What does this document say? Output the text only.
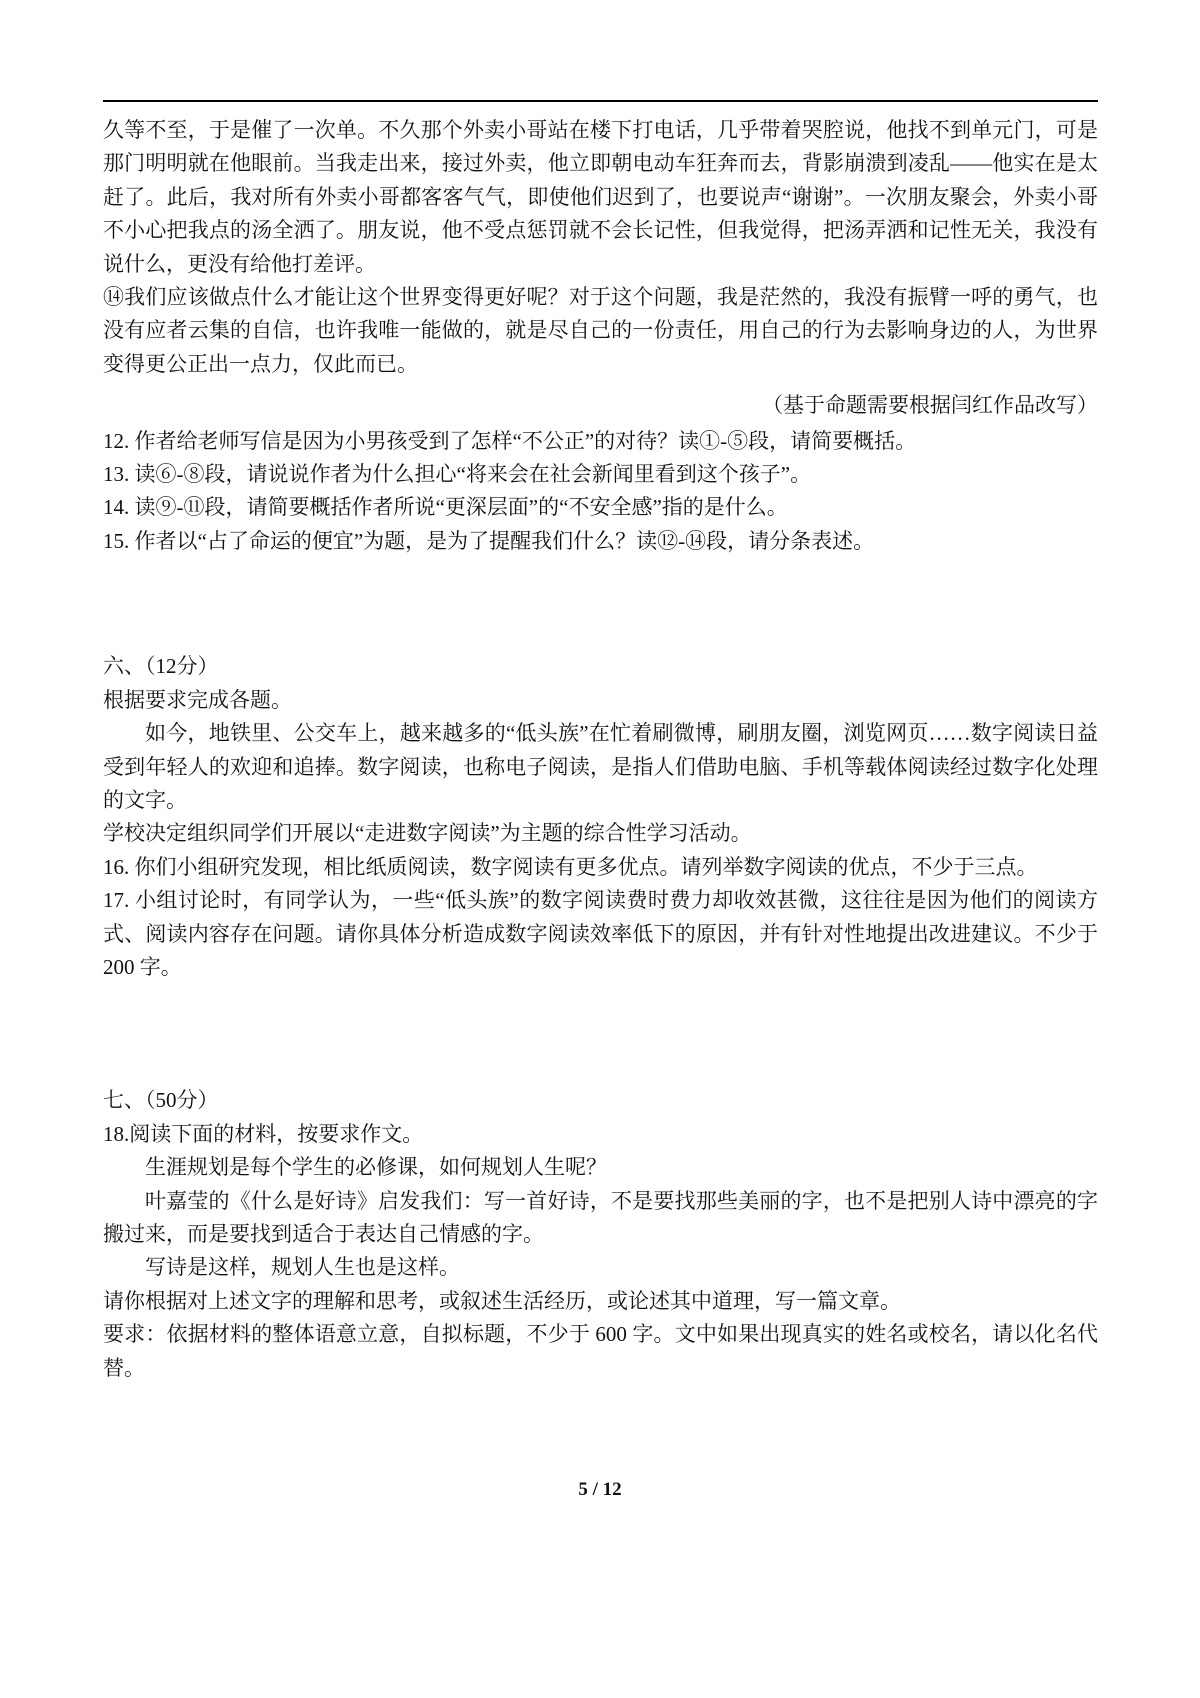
久等不至，于是催了一次单。不久那个外卖小哥站在楼下打电话，几乎带着哭腔说，他找不到单元门，可是那门明明就在他眼前。当我走出来，接过外卖，他立即朝电动车狂奔而去，背影崩溃到凌乱——他实在是太赶了。此后，我对所有外卖小哥都客客气气，即使他们迟到了，也要说声“谢谢”。一次朋友聚会，外卖小哥不小心把我点的汤全洒了。朋友说，他不受点惩罚就不会长记性，但我觉得，把汤弄洒和记性无关，我没有说什么，更没有给他打差评。

⑭我们应该做点什么才能让这个世界变得更好呢？对于这个问题，我是茫然的，我没有振臂一呼的勇气，也没有应者云集的自信，也许我唯一能做的，就是尽自己的一份责任，用自己的行为去影响身边的人，为世界变得更公正出一点力，仅此而已。

（基于命题需要根据闫红作品改写）

12. 作者给老师写信是因为小男孩受到了怎样“不公正”的对待？读①-⑤段，请简要概括。

13. 读⑥-⑧段，请说说作者为什么担心“将来会在社会新闻里看到这个孩子”。

14. 读⑨-⑪段，请简要概括作者所说“更深层面”的“不安全感”指的是什么。

15. 作者以“占了命运的便宜”为题，是为了提醒我们什么？读⑫-⑭段，请分条表述。

六、（12分）

根据要求完成各题。

如今，地铁里、公交车上，越来越多的“低头族”在忙着刷微博，刷朋友圈，浏览网页……数字阅读日益受到年轻人的欢迎和追捧。数字阅读，也称电子阅读，是指人们借助电脑、手机等载体阅读经过数字化处理的文字。

学校决定组织同学们开展以“走进数字阅读”为主题的综合性学习活动。

16. 你们小组研究发现，相比纸质阅读，数字阅读有更多优点。请列举数字阅读的优点，不少于三点。

17. 小组讨论时，有同学认为，一些“低头族”的数字阅读费时费力却收效甚微，这往往是因为他们的阅读方式、阅读内容存在问题。请你具体分析造成数字阅读效率低下的原因，并有针对性地提出改进建议。不少于 200 字。

七、（50分）

18.阅读下面的材料，按要求作文。

生涯规划是每个学生的必修课，如何规划人生呢？

叶嘉莹的《什么是好诗》启发我们：写一首好诗，不是要找那些美丽的字，也不是把别人诗中漂亮的字搬过来，而是要找到适合于表达自己情感的字。

写诗是这样，规划人生也是这样。

请你根据对上述文字的理解和思考，或叙述生活经历，或论述其中道理，写一篇文章。

要求：依据材料的整体语意立意，自拟标题，不少于 600 字。文中如果出现真实的姓名或校名，请以化名代替。

5 / 12
